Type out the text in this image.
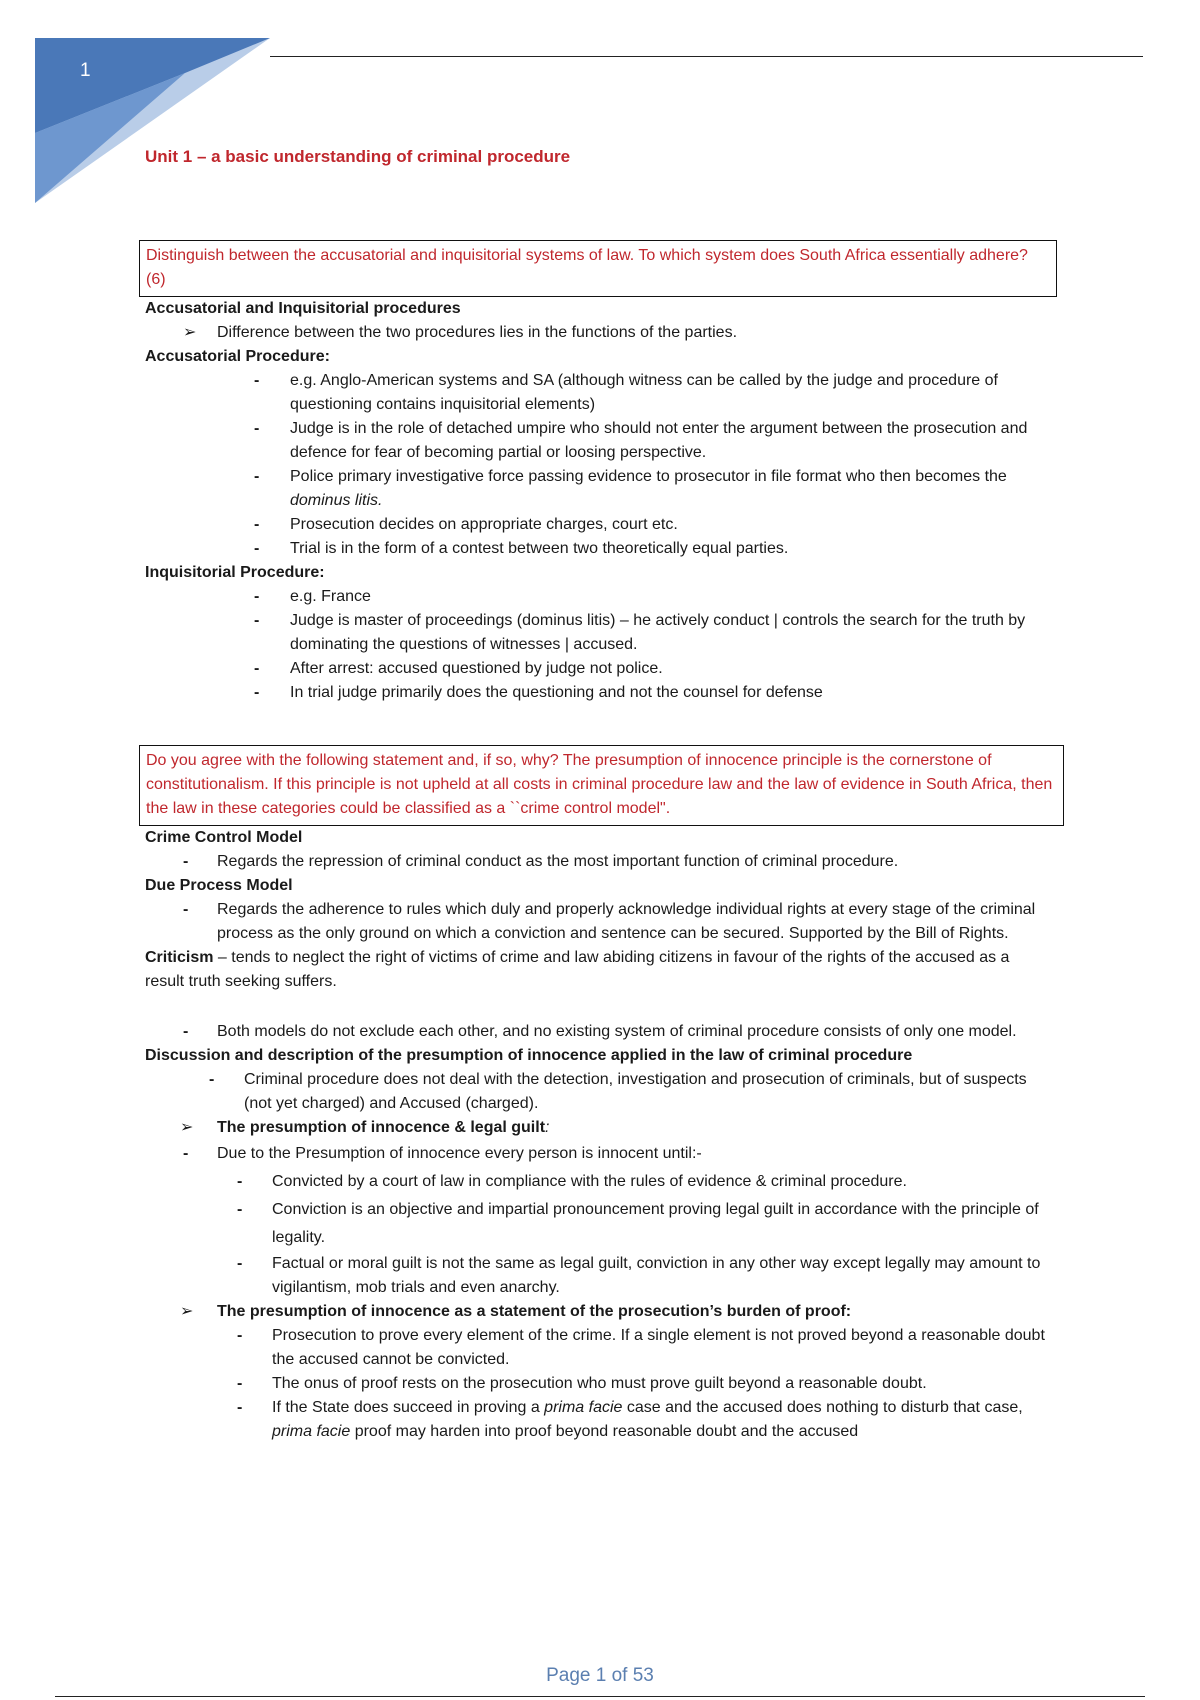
1
Unit 1 – a basic understanding of criminal procedure
Distinguish between the accusatorial and inquisitorial systems of law. To which system does South Africa essentially adhere? (6)
Accusatorial and Inquisitorial procedures
➢ Difference between the two procedures lies in the functions of the parties.
Accusatorial Procedure:
- e.g. Anglo-American systems and SA (although witness can be called by the judge and procedure of questioning contains inquisitorial elements)
- Judge is in the role of detached umpire who should not enter the argument between the prosecution and defence for fear of becoming partial or loosing perspective.
- Police primary investigative force passing evidence to prosecutor in file format who then becomes the dominus litis.
- Prosecution decides on appropriate charges, court etc.
- Trial is in the form of a contest between two theoretically equal parties.
Inquisitorial Procedure:
- e.g. France
- Judge is master of proceedings (dominus litis) – he actively conduct | controls the search for the truth by dominating the questions of witnesses | accused.
- After arrest: accused questioned by judge not police.
- In trial judge primarily does the questioning and not the counsel for defense
Do you agree with the following statement and, if so, why? The presumption of innocence principle is the cornerstone of constitutionalism. If this principle is not upheld at all costs in criminal procedure law and the law of evidence in South Africa, then the law in these categories could be classified as a ``crime control model".
Crime Control Model
- Regards the repression of criminal conduct as the most important function of criminal procedure.
Due Process Model
- Regards the adherence to rules which duly and properly acknowledge individual rights at every stage of the criminal process as the only ground on which a conviction and sentence can be secured. Supported by the Bill of Rights.
Criticism – tends to neglect the right of victims of crime and law abiding citizens in favour of the rights of the accused as a result truth seeking suffers.
- Both models do not exclude each other, and no existing system of criminal procedure consists of only one model.
Discussion and description of the presumption of innocence applied in the law of criminal procedure
- Criminal procedure does not deal with the detection, investigation and prosecution of criminals, but of suspects (not yet charged) and Accused (charged).
➢ The presumption of innocence & legal guilt:
- Due to the Presumption of innocence every person is innocent until:-
- Convicted by a court of law in compliance with the rules of evidence & criminal procedure.
- Conviction is an objective and impartial pronouncement proving legal guilt in accordance with the principle of legality.
- Factual or moral guilt is not the same as legal guilt, conviction in any other way except legally may amount to vigilantism, mob trials and even anarchy.
➢ The presumption of innocence as a statement of the prosecution’s burden of proof:
- Prosecution to prove every element of the crime. If a single element is not proved beyond a reasonable doubt the accused cannot be convicted.
- The onus of proof rests on the prosecution who must prove guilt beyond a reasonable doubt.
- If the State does succeed in proving a prima facie case and the accused does nothing to disturb that case, prima facie proof may harden into proof beyond reasonable doubt and the accused
Page 1 of 53
